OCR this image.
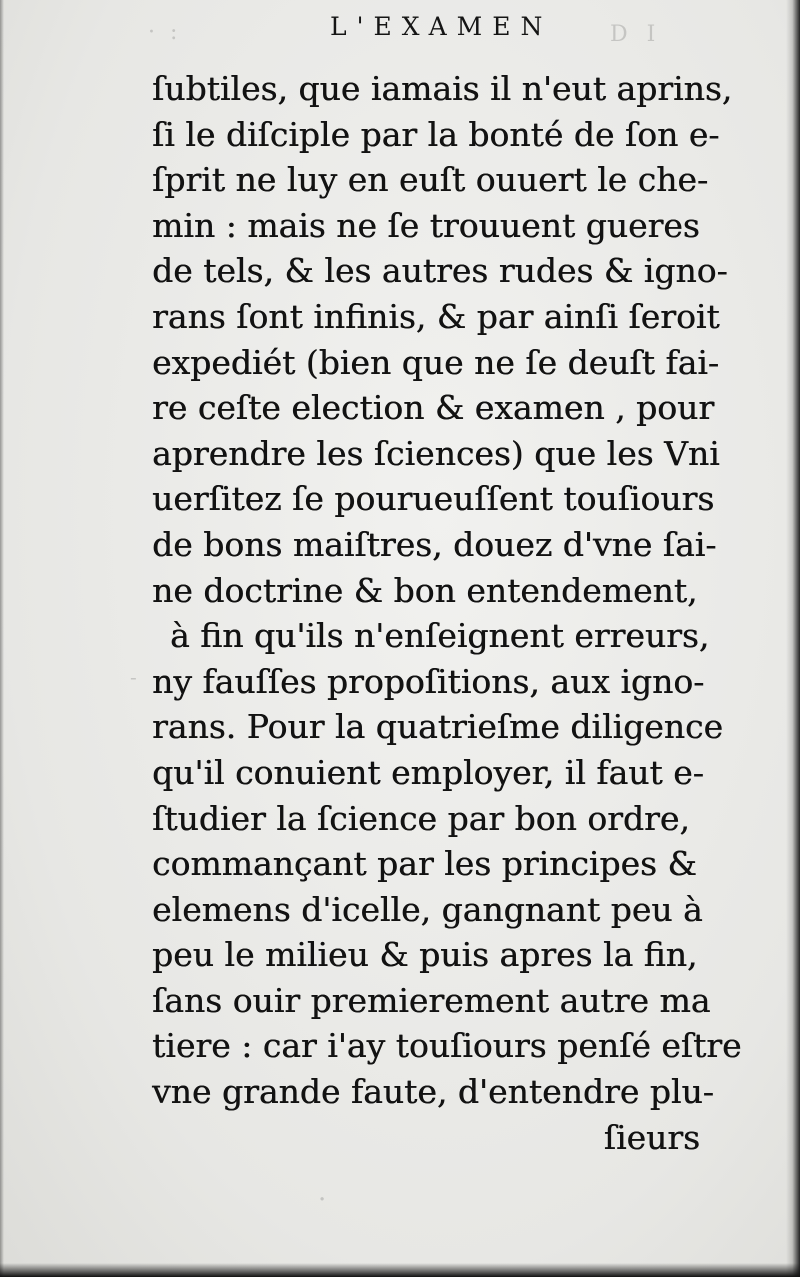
· :	D I
·
-
L'EXAMEN
ſubtiles, que iamais il n'eut aprins,
ſi le diſciple par la bonté de ſon e-
ſprit ne luy en euſt ouuert le che-
min : mais ne ſe trouuent gueres
de tels, & les autres rudes & igno-
rans ſont infinis, & par ainſi ſeroit
expediét (bien que ne ſe deuſt fai-
re ceſte election & examen , pour
aprendre les ſciences) que les Vni
uerſitez ſe pourueuſſent touſiours
de bons maiſtres, douez d'vne ſai-
ne doctrine & bon entendement,
à fin qu'ils n'enſeignent erreurs,
ny fauſſes propoſitions, aux igno-
rans. Pour la quatrieſme diligence
qu'il conuient employer, il faut e-
ſtudier la ſcience par bon ordre,
commançant par les principes &
elemens d'icelle, gangnant peu à
peu le milieu & puis apres la fin,
ſans ouir premierement autre ma
tiere : car i'ay touſiours penſé eſtre
vne grande faute, d'entendre plu-
ſieurs
